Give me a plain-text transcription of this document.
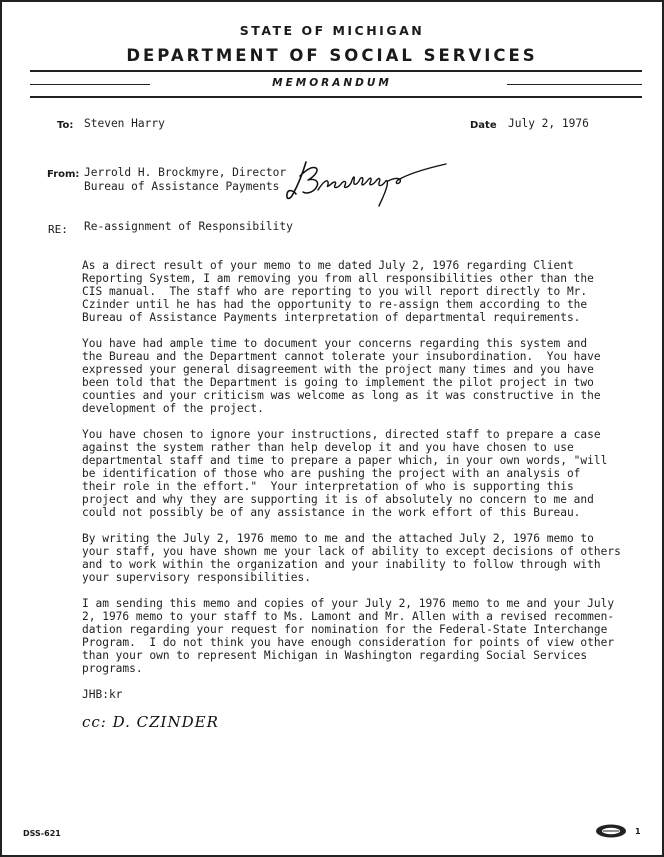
STATE OF MICHIGAN
DEPARTMENT OF SOCIAL SERVICES
MEMORANDUM
To: Steven Harry	Date July 2, 1976
From: Jerrold H. Brockmyre, Director
Bureau of Assistance Payments
RE: Re-assignment of Responsibility

As a direct result of your memo to me dated July 2, 1976 regarding Client
Reporting System, I am removing you from all responsibilities other than the
CIS manual.  The staff who are reporting to you will report directly to Mr.
Czinder until he has had the opportunity to re-assign them according to the
Bureau of Assistance Payments interpretation of departmental requirements.

You have had ample time to document your concerns regarding this system and
the Bureau and the Department cannot tolerate your insubordination.  You have
expressed your general disagreement with the project many times and you have
been told that the Department is going to implement the pilot project in two
counties and your criticism was welcome as long as it was constructive in the
development of the project.

You have chosen to ignore your instructions, directed staff to prepare a case
against the system rather than help develop it and you have chosen to use
departmental staff and time to prepare a paper which, in your own words, "will
be identification of those who are pushing the project with an analysis of
their role in the effort."  Your interpretation of who is supporting this
project and why they are supporting it is of absolutely no concern to me and
could not possibly be of any assistance in the work effort of this Bureau.

By writing the July 2, 1976 memo to me and the attached July 2, 1976 memo to
your staff, you have shown me your lack of ability to except decisions of others
and to work within the organization and your inability to follow through with
your supervisory responsibilities.

I am sending this memo and copies of your July 2, 1976 memo to me and your July
2, 1976 memo to your staff to Ms. Lamont and Mr. Allen with a revised recommen-
dation regarding your request for nomination for the Federal-State Interchange
Program.  I do not think you have enough consideration for points of view other
than your own to represent Michigan in Washington regarding Social Services
programs.

JHB:kr

cc: D. CZINDER
DSS-621	1
